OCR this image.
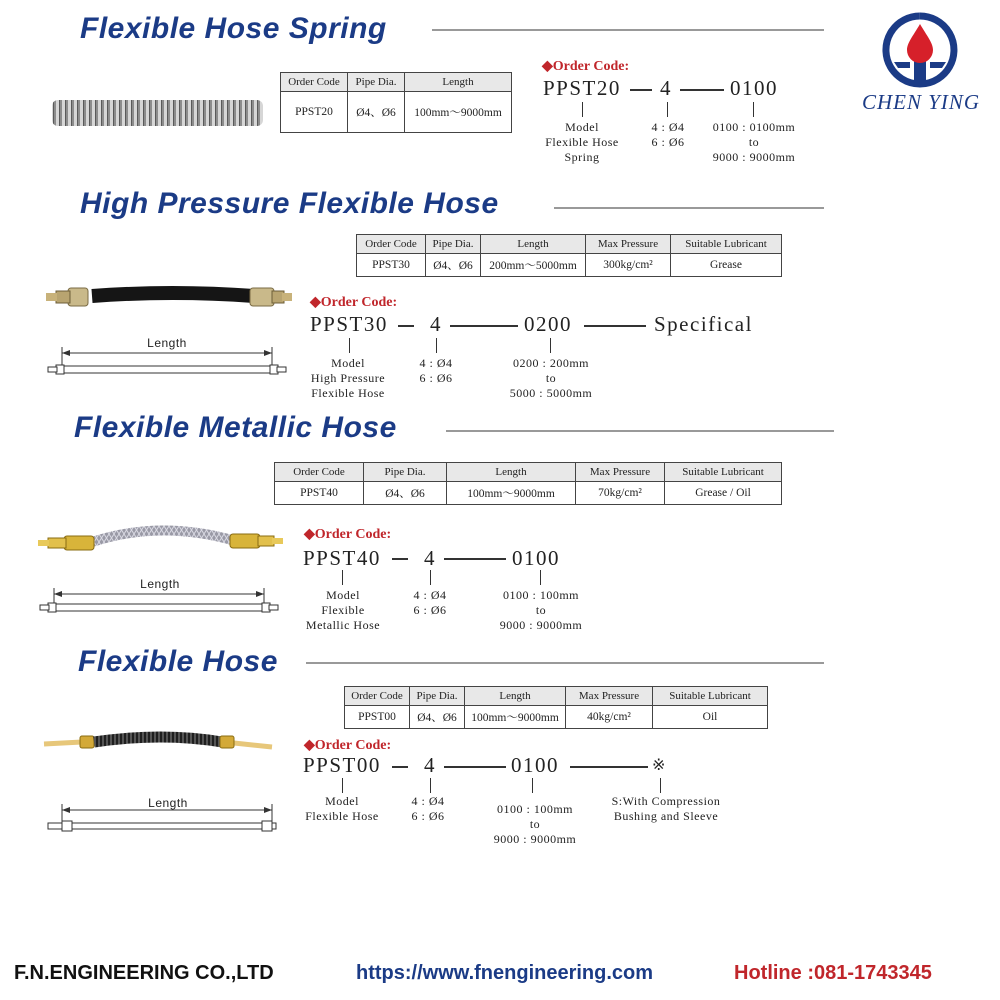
CHEN YING
Flexible Hose Spring
Order Code	Pipe Dia.	Length
PPST20	Ø4、Ø6	100mm～9000mm
◆Order Code:
PPST20 4	0100
Model
Flexible Hose
Spring
4 : Ø4
6 : Ø6
0100 : 0100mm
to
9000 : 9000mm
High Pressure Flexible Hose
Order Code	Pipe Dia.	Length	Max Pressure	Suitable Lubricant
PPST30	Ø4、Ø6	200mm～5000mm	300kg/cm²	Grease
Length
◆Order Code:
PPST30 4	0200	Specifical
Model
High Pressure
Flexible Hose
4 : Ø4
6 : Ø6
0200 : 200mm
to
5000 : 5000mm
Flexible Metallic Hose
Order Code	Pipe Dia.	Length	Max Pressure	Suitable Lubricant
PPST40	Ø4、Ø6	100mm～9000mm	70kg/cm²	Grease / Oil
Length
◆Order Code:
PPST40 4	0100
Model
Flexible
Metallic Hose
4 : Ø4
6 : Ø6
0100 : 100mm
to
9000 : 9000mm
Flexible Hose
Order Code	Pipe Dia.	Length	Max Pressure	Suitable Lubricant
PPST00	Ø4、Ø6	100mm～9000mm	40kg/cm²	Oil
Length
◆Order Code:
PPST00 4	0100	※
Model
Flexible Hose
4 : Ø4
6 : Ø6	0100 : 100mm
to
9000 : 9000mm
S:With Compression
Bushing and Sleeve
F.N.ENGINEERING CO.,LTD	https://www.fnengineering.com	Hotline :081-1743345
